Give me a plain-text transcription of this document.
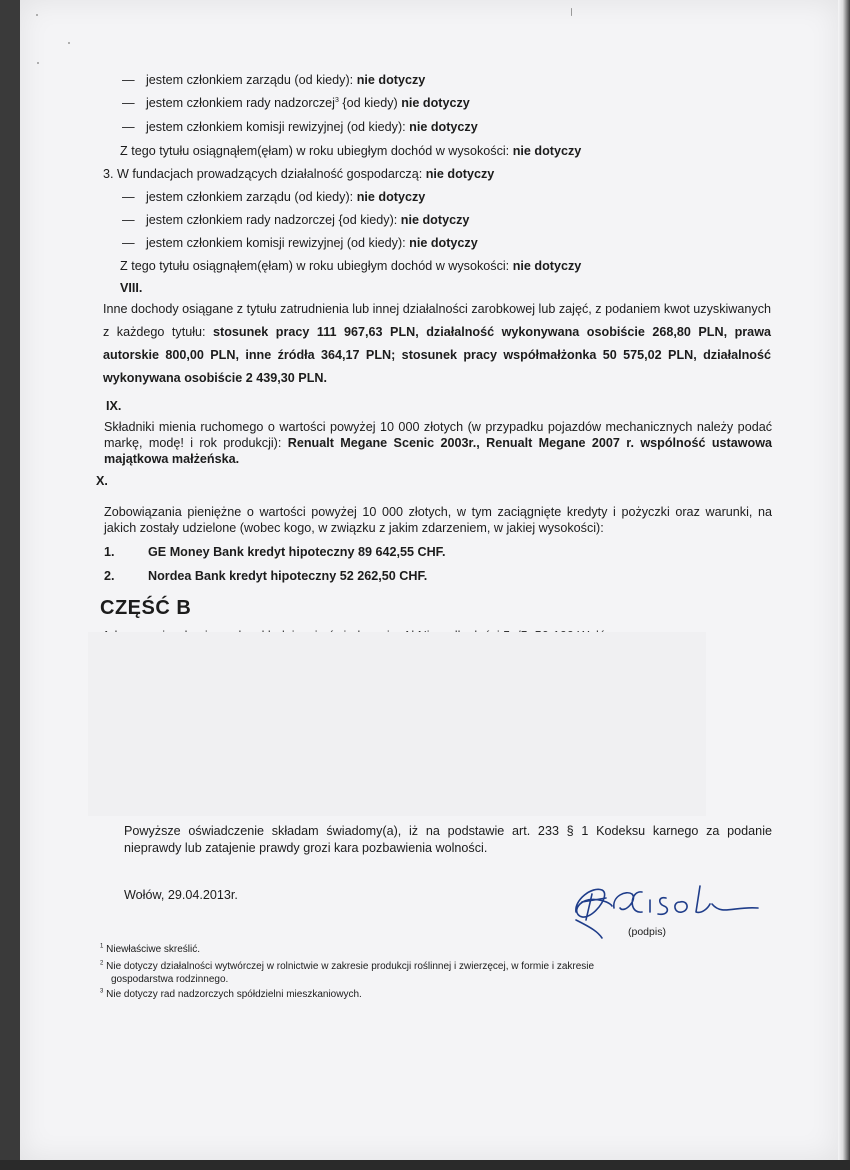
— jestem członkiem zarządu (od kiedy): nie dotyczy
— jestem członkiem rady nadzorczej$^3$ {od kiedy) nie dotyczy
— jestem członkiem komisji rewizyjnej (od kiedy): nie dotyczy
Z tego tytułu osiągnąłem(ęłam) w roku ubiegłym dochód w wysokości: nie dotyczy
3. W fundacjach prowadzących działalność gospodarczą: nie dotyczy
— jestem członkiem zarządu (od kiedy): nie dotyczy
— jestem członkiem rady nadzorczej {od kiedy): nie dotyczy
— jestem członkiem komisji rewizyjnej (od kiedy): nie dotyczy
Z tego tytułu osiągnąłem(ęłam) w roku ubiegłym dochód w wysokości: nie dotyczy
VIII.
Inne dochody osiągane z tytułu zatrudnienia lub innej działalności zarobkowej lub zajęć, z podaniem kwot uzyskiwanych z każdego tytułu: stosunek pracy 111 967,63 PLN, działalność wykonywana osobiście 268,80 PLN, prawa autorskie 800,00 PLN, inne źródła 364,17 PLN; stosunek pracy współmałżonka 50 575,02 PLN, działalność wykonywana osobiście 2 439,30 PLN.
IX.
Składniki mienia ruchomego o wartości powyżej 10 000 złotych (w przypadku pojazdów mechanicznych należy podać markę, modę! i rok produkcji): Renualt Megane Scenic 2003r., Renualt Megane 2007 r. wspólność ustawowa majątkowa małżeńska.
X.
Zobowiązania pieniężne o wartości powyżej 10 000 złotych, w tym zaciągnięte kredyty i pożyczki oraz warunki, na jakich zostały udzielone (wobec kogo, w związku z jakim zdarzeniem, w jakiej wysokości):
1.	GE Money Bank kredyt hipoteczny 89 642,55 CHF.
2.	Nordea Bank kredyt hipoteczny 52 262,50 CHF.
CZĘŚĆ B
Powyższe oświadczenie składam świadomy(a), iż na podstawie art. 233 § 1 Kodeksu karnego za podanie nieprawdy lub zatajenie prawdy grozi kara pozbawienia wolności.
Wołów, 29.04.2013r.
(podpis)
$^1$ Niewłaściwe skreślić.
$^2$ Nie dotyczy działalności wytwórczej w rolnictwie w zakresie produkcji roślinnej i zwierzęcej, w formie i zakresie
gospodarstwa rodzinnego.
$^3$ Nie dotyczy rad nadzorczych spółdzielni mieszkaniowych.
